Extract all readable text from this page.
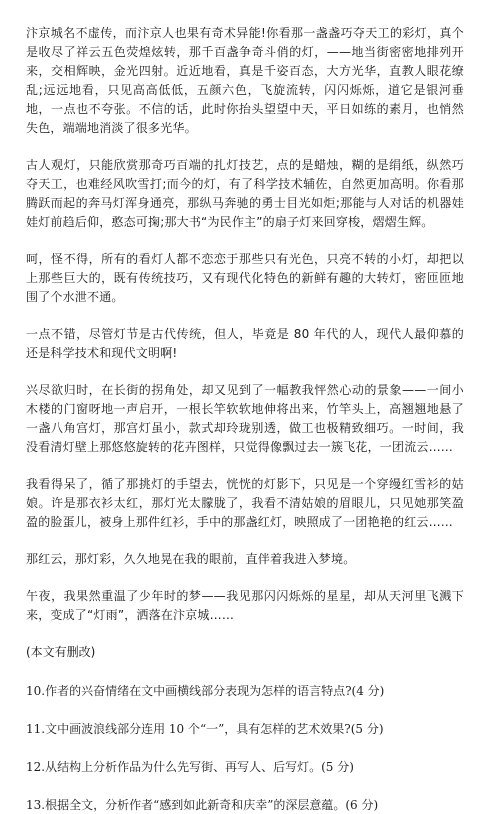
汴京城名不虚传，而汴京人也果有奇术异能!你看那一盏盏巧夺天工的彩灯，真个是收尽了祥云五色荧煌炫转，那千百盏争奇斗俏的灯，——地当街密密地排列开来，交相辉映，金光四射。近近地看，真是千姿百态，大方光华，直教人眼花缭乱;远远地看，只见高高低低，五颜六色，飞旋流转，闪闪烁烁，道它是银河垂地，一点也不夸张。不信的话，此时你抬头望望中天，平日如练的素月，也悄然失色，端端地消淡了很多光华。

古人观灯，只能欣赏那奇巧百端的扎灯技艺，点的是蜡烛，糊的是绢纸，纵然巧夺天工，也难经风吹雪打;而今的灯，有了科学技术辅佐，自然更加高明。你看那腾跃而起的奔马灯浑身通亮，那纵马奔驰的勇士目光如炬;那能与人对话的机器娃娃灯前趋后仰，憨态可掬;那大书“为民作主”的扇子灯来回穿梭，熠熠生辉。

呵，怪不得，所有的看灯人都不恋恋于那些只有光色，只亮不转的小灯，却把以上那些巨大的，既有传统技巧，又有现代化特色的新鲜有趣的大转灯，密匝匝地围了个水泄不通。

一点不错，尽管灯节是古代传统，但人，毕竟是 80 年代的人，现代人最仰慕的还是科学技术和现代文明啊!

兴尽欲归时，在长街的拐角处，却又见到了一幅教我怦然心动的景象——一间小木楼的门窗呀地一声启开，一根长竿软软地伸将出来，竹竿头上，高翘翘地悬了一盏八角宫灯，那宫灯虽小，款式却玲珑别透，做工也极精致细巧。一时间，我没看清灯壁上那悠悠旋转的花卉图样，只觉得像飘过去一簇飞花，一团流云……

我看得呆了，循了那挑灯的手望去，恍恍的灯影下，只见是一个穿缦红雪衫的姑娘。许是那衣衫太红，那灯光太朦胧了，我看不清姑娘的眉眼儿，只见她那笑盈盈的脸蛋儿，被身上那件红衫，手中的那盏红灯，映照成了一团艳艳的红云……

那红云，那灯彩，久久地晃在我的眼前，直伴着我进入梦境。

午夜，我果然重温了少年时的梦——我见那闪闪烁烁的星星，却从天河里飞溅下来，变成了“灯雨”，洒落在汴京城……

(本文有删改)

10.作者的兴奋情绪在文中画横线部分表现为怎样的语言特点?(4 分)

11.文中画波浪线部分连用 10 个“一”，具有怎样的艺术效果?(5 分)

12.从结构上分析作品为什么先写街、再写人、后写灯。(5 分)

13.根据全文，分析作者“感到如此新奇和庆幸”的深层意蕴。(6 分)
